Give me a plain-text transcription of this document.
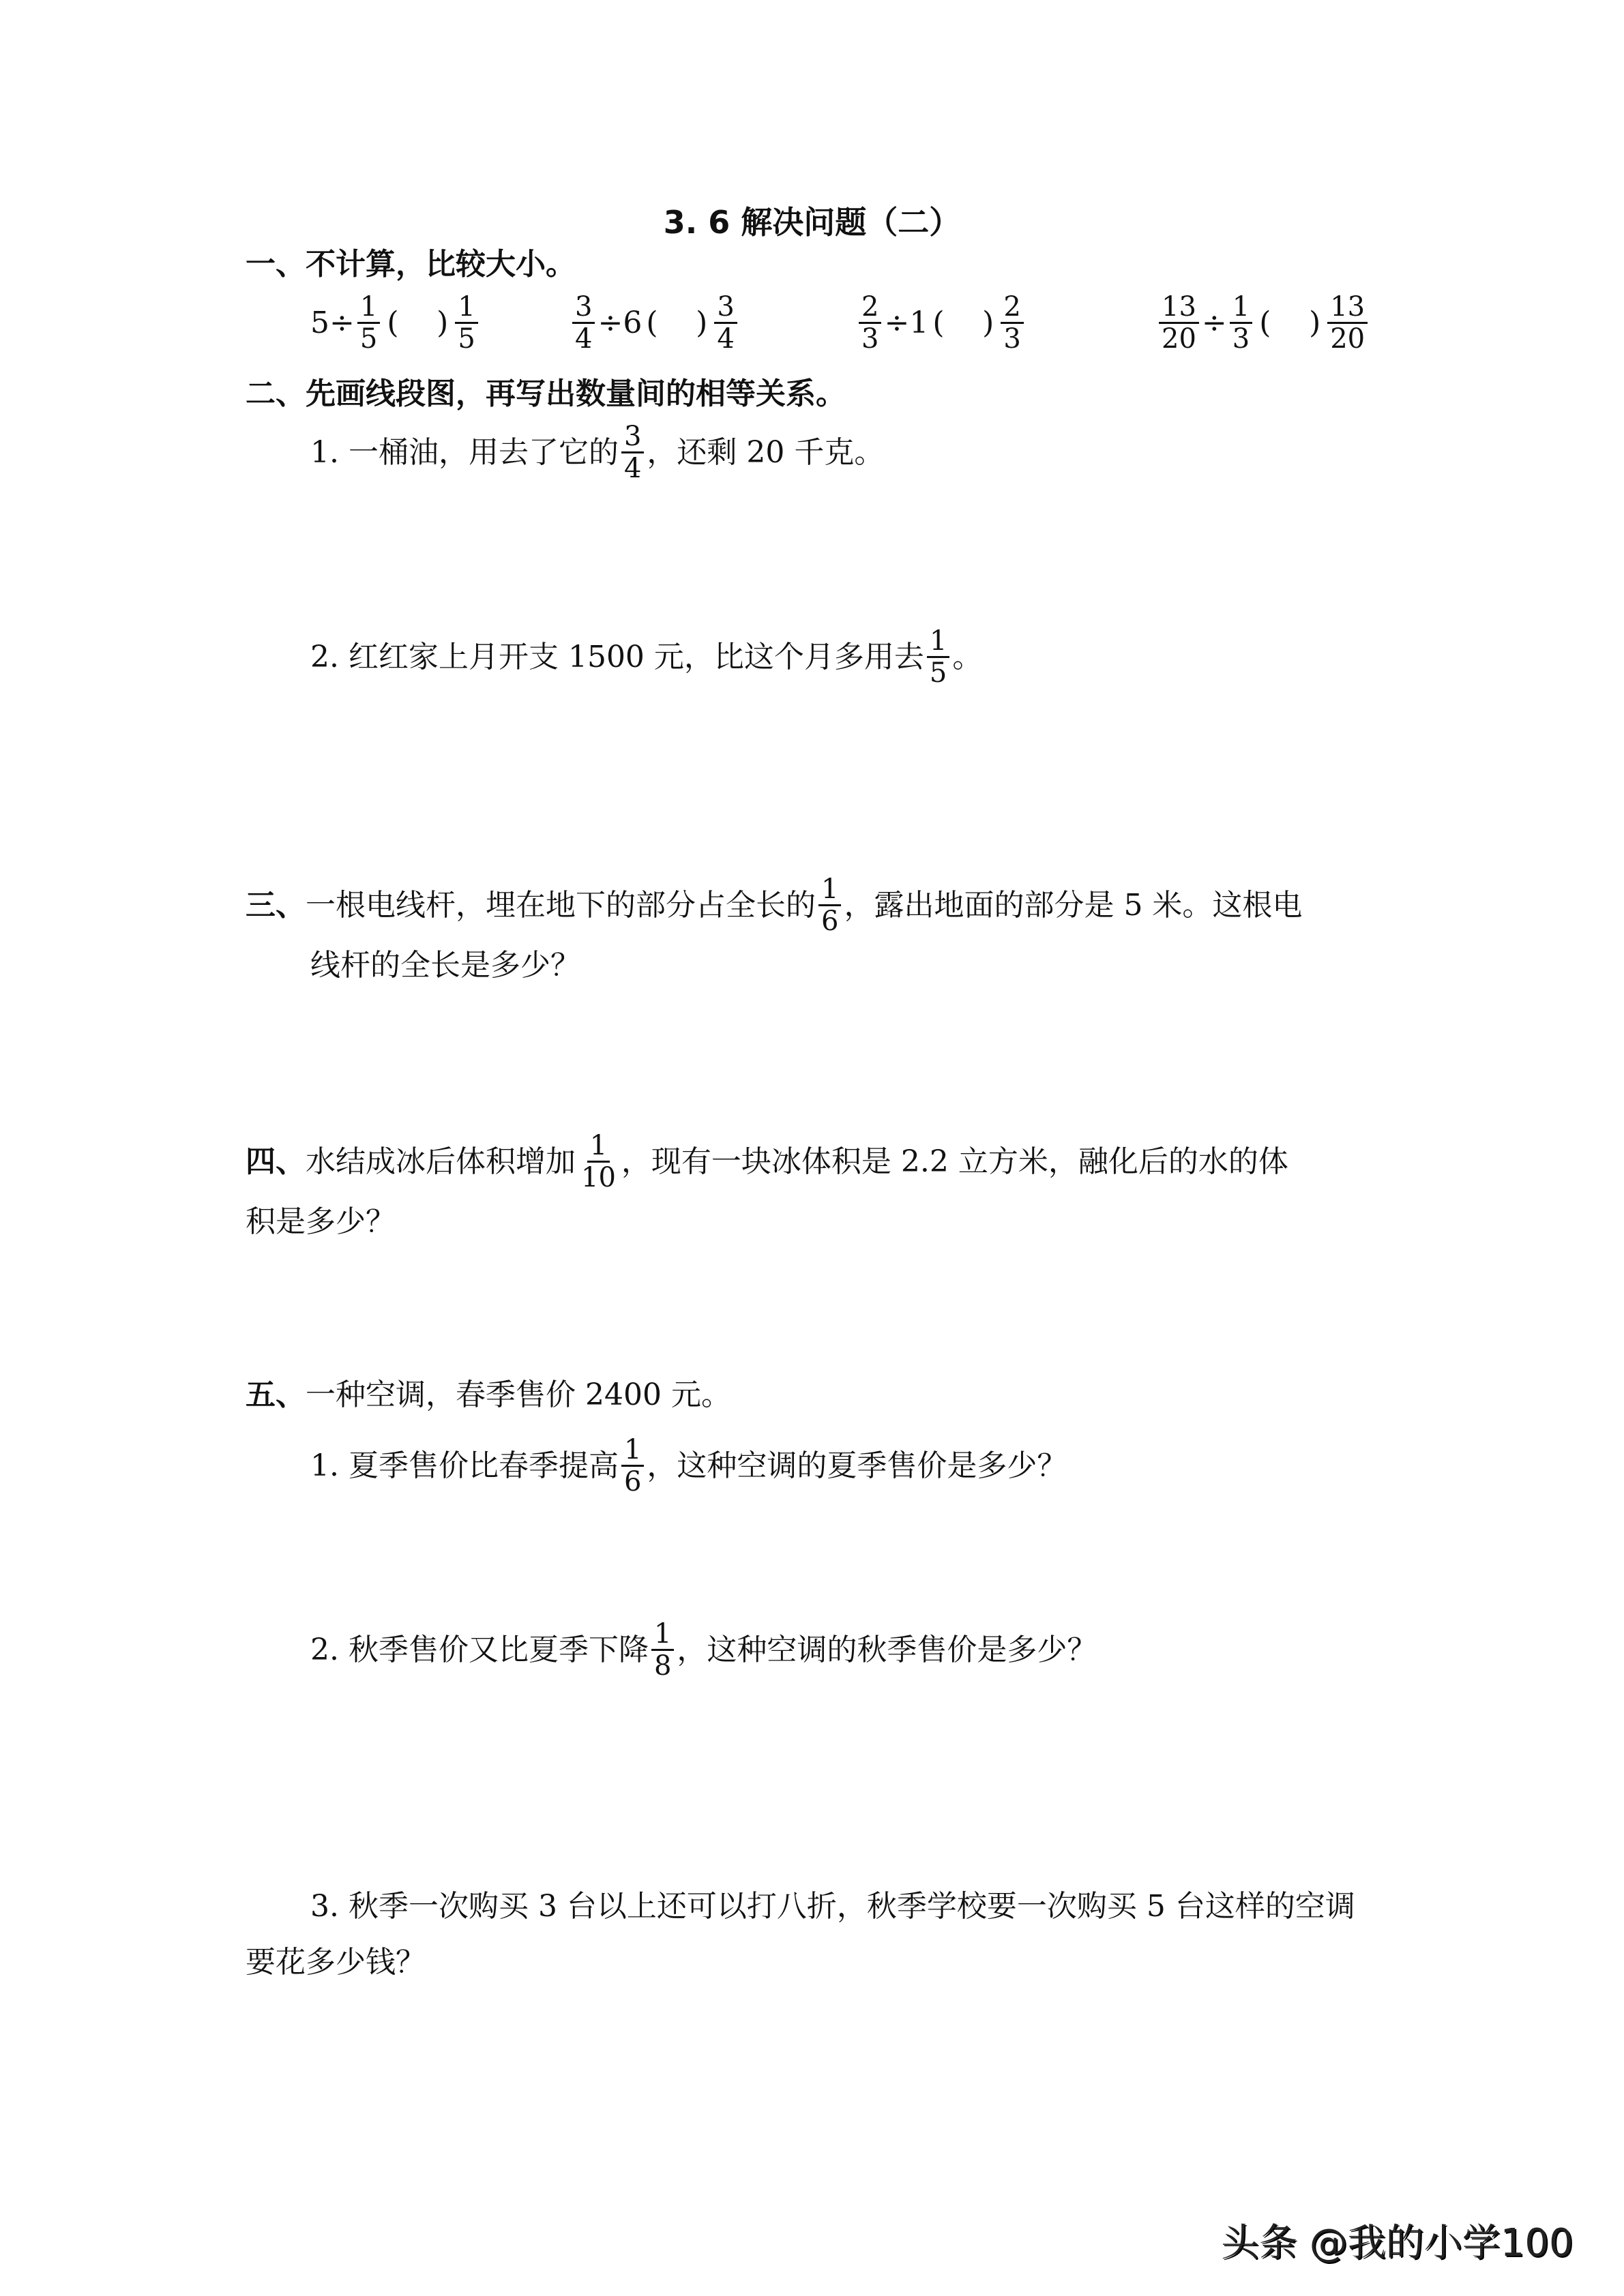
3. 6 解决问题（二）
一、不计算，比较大小。
$5\div \frac{1}{5}$ ( ) $\frac{1}{5}$	$\frac{3}{4} \div 6$ ( ) $\frac{3}{4}$	$\frac{2}{3} \div 1$ ( ) $\frac{2}{3}$	$\frac{13}{20} \div \frac{1}{3}$ ( ) $\frac{13}{20}$
二、先画线段图，再写出数量间的相等关系。
1. 一桶油，用去了它的 $\frac{3}{4}$ ，还剩 20 千克。
2. 红红家上月开支 1500 元，比这个月多用去 $\frac{1}{5}$ 。
三、 一根电线杆，埋在地下的部分占全长的 $\frac{1}{6}$ ，露出地面的部分是 5 米。这根电
线杆的全长是多少？
四、 水结成冰后体积增加 $\frac{1}{10}$ ，现有一块冰体积是 2.2 立方米，融化后的水的体
积是多少？
五、一种空调，春季售价 2400 元。
1. 夏季售价比春季提高 $\frac{1}{6}$ ，这种空调的夏季售价是多少？
2. 秋季售价又比夏季下降 $\frac{1}{8}$ ，这种空调的秋季售价是多少？
3. 秋季一次购买 3 台以上还可以打八折，秋季学校要一次购买 5 台这样的空调
要花多少钱？
头条 @我的小学100
